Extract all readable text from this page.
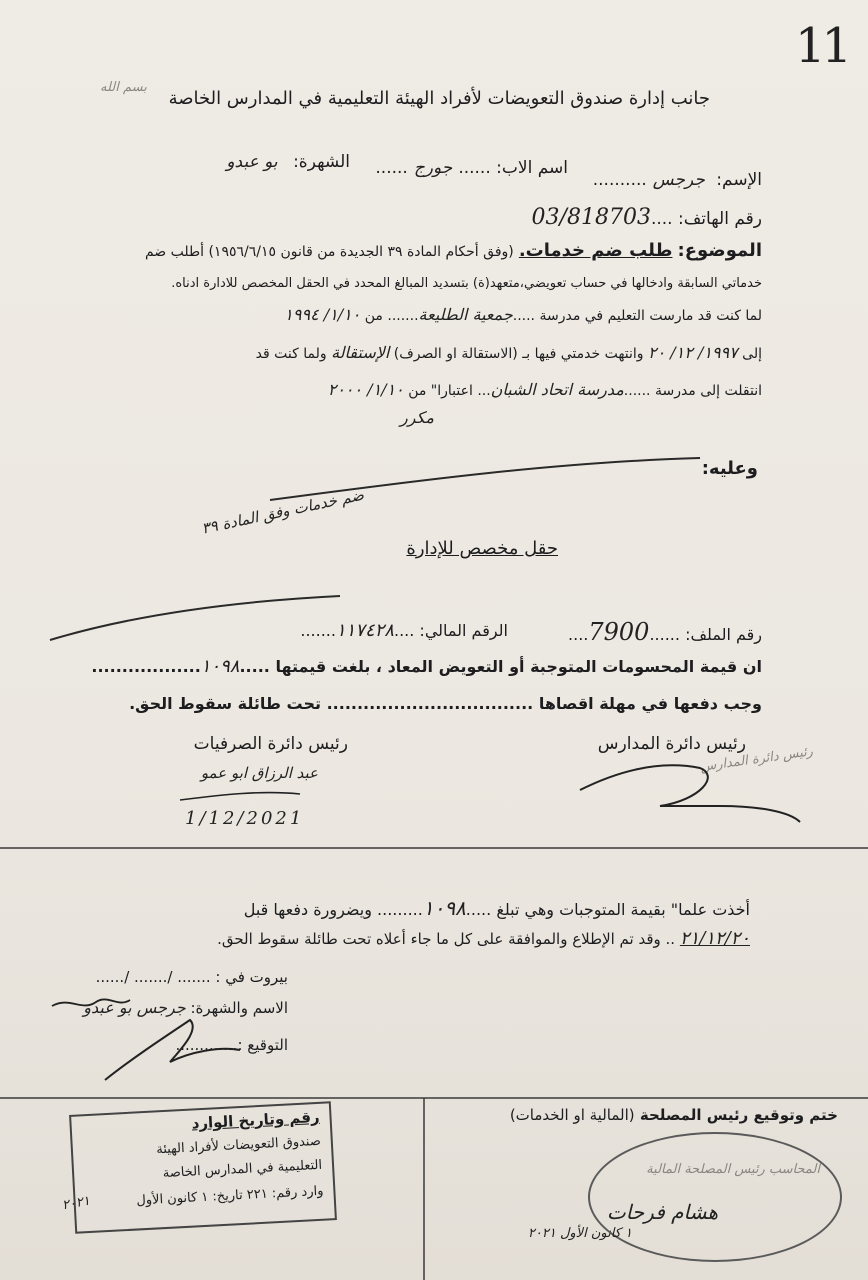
11
بسم الله
جانب إدارة صندوق التعويضات لأفراد الهيئة التعليمية في المدارس الخاصة
الإسم: جرجس..........
اسم الاب: ......جورج......
الشهرة: بو عبدو
رقم الهاتف: ....03/818703
الموضوع: طلب ضم خدمات. (وفق أحكام المادة ٣٩ الجديدة من قانون ١٩٥٦/٦/١٥) أطلب ضم
خدماتي السابقة وادخالها في حساب تعويضي،متعهد(ة) بتسديد المبالغ المحدد في الحقل المخصص للادارة ادناه.
لما كنت قد مارست التعليم في مدرسة .....جمعية الطليعة....... من ١/١٠/ ١٩٩٤
إلى ١٩٩٧/ ١٢/ ٢٠ وانتهت خدمتي فيها بـ (الاستقالة او الصرف) الإستقالة ولما كنت قد
انتقلت إلى مدرسة ......مدرسة اتحاد الشبان... اعتبارا" من ١/١٠/ ٢٠٠٠
مكرر
وعليه:
ضم خدمات وفق المادة ٣٩
حقل مخصص للإدارة
رقم الملف: ......7900....
الرقم المالي: ....١١٧٤٢٨.......
ان قيمة المحسومات المتوجبة أو التعويض المعاد ، بلغت قيمتها .....١٠٩٨..................
وجب دفعها في مهلة اقصاها .................................. تحت طائلة سقوط الحق.
رئيس دائرة المدارس
رئيس دائرة الصرفيات
عبد الرزاق ابو عمو
1/12/2021
رئيس دائرة المدارس
أخذت علما" بقيمة المتوجبات وهي تبلغ .....١٠٩٨......... ويضرورة دفعها قبل
٢١/١٢/٢٠ .. وقد تم الإطلاع والموافقة على كل ما جاء أعلاه تحت طائلة سقوط الحق.
بيروت في : ....... /....... /......
الاسم والشهرة: جرجس بو عبدو
التوقيع :.............
ختم وتوقيع رئيس المصلحة (المالية او الخدمات)
رقم وتاريخ الوارد
صندوق التعويضات لأفراد الهيئة
التعليمية في المدارس الخاصة
وارد رقم: ٢٢١ تاريخ: ١ كانون الأول
٢٠٢١
المحاسب رئيس المصلحة المالية
هشام فرحات
١ كانون الأول ٢٠٢١
